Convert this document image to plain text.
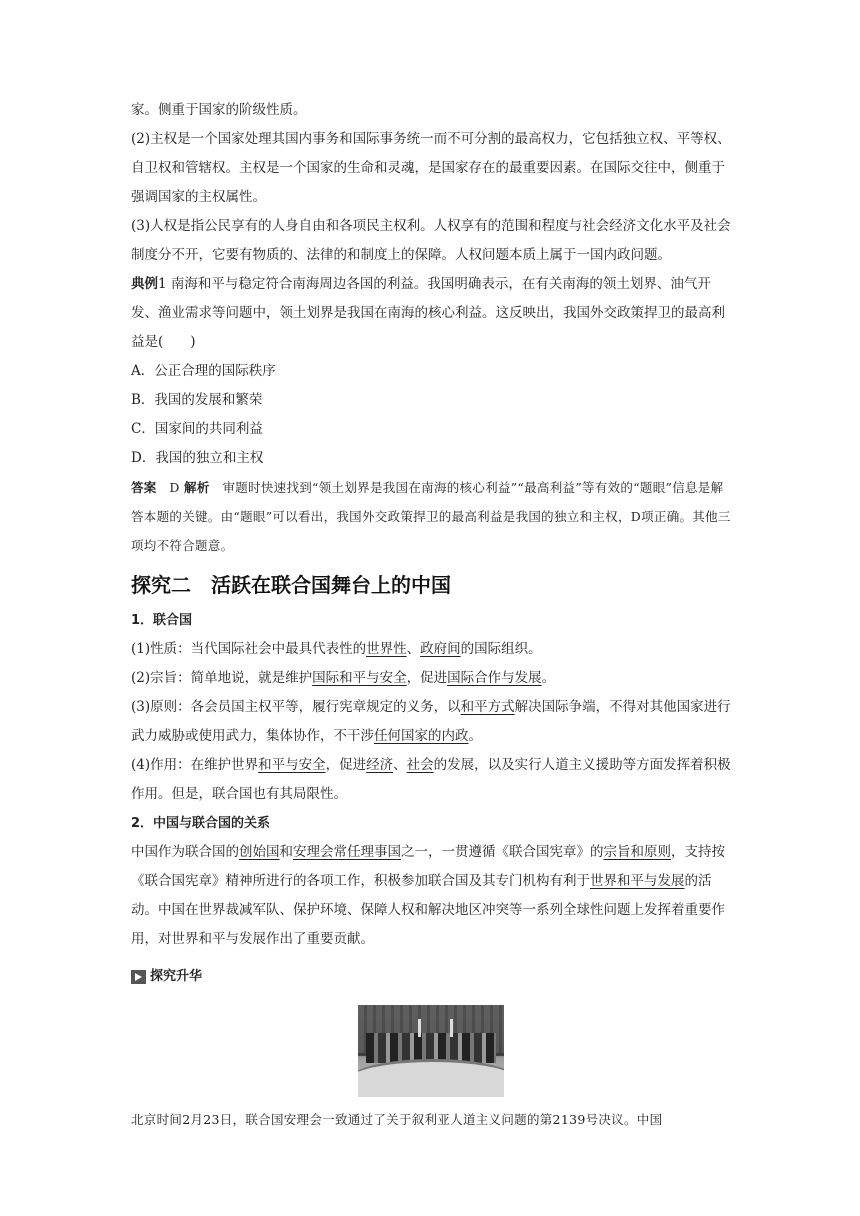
家。侧重于国家的阶级性质。

(2)主权是一个国家处理其国内事务和国际事务统一而不可分割的最高权力，它包括独立权、平等权、自卫权和管辖权。主权是一个国家的生命和灵魂，是国家存在的最重要因素。在国际交往中，侧重于强调国家的主权属性。

(3)人权是指公民享有的人身自由和各项民主权利。人权享有的范围和程度与社会经济文化水平及社会制度分不开，它要有物质的、法律的和制度上的保障。人权问题本质上属于一国内政问题。

典例1 南海和平与稳定符合南海周边各国的利益。我国明确表示，在有关南海的领土划界、油气开发、渔业需求等问题中，领土划界是我国在南海的核心利益。这反映出，我国外交政策捍卫的最高利益是(　　)

A．公正合理的国际秩序

B．我国的发展和繁荣

C．国家间的共同利益

D．我国的独立和主权

答案　 D 解析　 审题时快速找到“领土划界是我国在南海的核心利益”“最高利益”等有效的“题眼”信息是解答本题的关键。由“题眼”可以看出，我国外交政策捍卫的最高利益是我国的独立和主权，D项正确。其他三项均不符合题意。

探究二　活跃在联合国舞台上的中国

1．联合国

(1)性质：当代国际社会中最具代表性的世界性、政府间的国际组织。

(2)宗旨：简单地说，就是维护国际和平与安全，促进国际合作与发展。

(3)原则：各会员国主权平等，履行宪章规定的义务，以和平方式解决国际争端，不得对其他国家进行武力威胁或使用武力，集体协作，不干涉任何国家的内政。

(4)作用：在维护世界和平与安全，促进经济、社会的发展，以及实行人道主义援助等方面发挥着积极作用。但是，联合国也有其局限性。

2．中国与联合国的关系

中国作为联合国的创始国和安理会常任理事国之一，一贯遵循《联合国宪章》的宗旨和原则，支持按《联合国宪章》精神所进行的各项工作，积极参加联合国及其专门机构有利于世界和平与发展的活动。中国在世界裁减军队、保护环境、保障人权和解决地区冲突等一系列全球性问题上发挥着重要作用，对世界和平与发展作出了重要贡献。

探究升华

北京时间2月23日，联合国安理会一致通过了关于叙利亚人道主义问题的第2139号决议。中国
